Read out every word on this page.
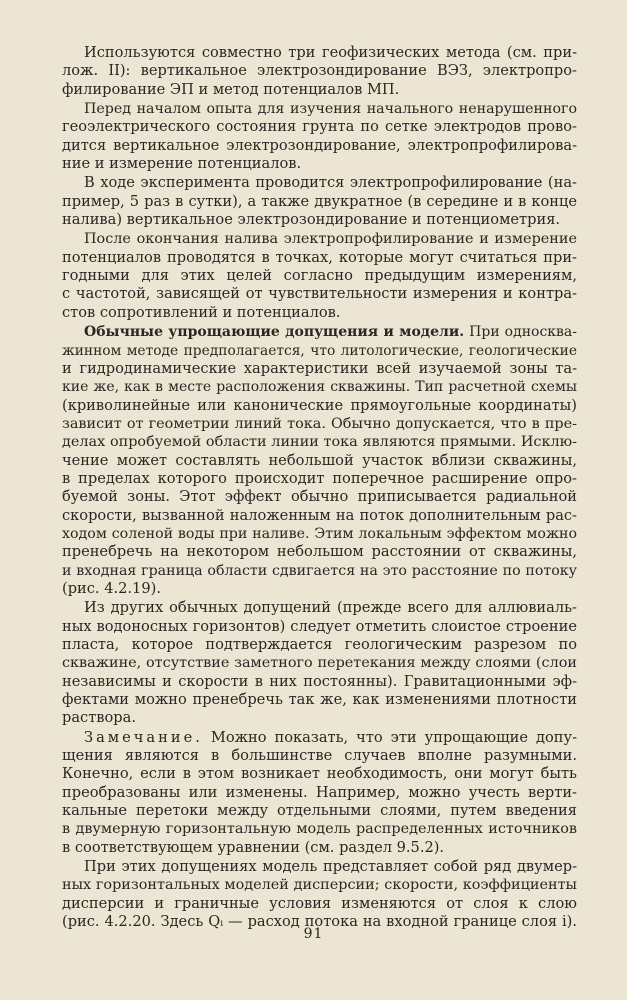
Используются совместно три геофизических метода (см. при-
лож. II): вертикальное электрозондирование ВЭЗ, электропро-
филирование ЭП и метод потенциалов МП.

Перед началом опыта для изучения начального ненарушенного
геоэлектрического состояния грунта по сетке электродов прово-
дится вертикальное электрозондирование, электропрофилирова-
ние и измерение потенциалов.

В ходе эксперимента проводится электропрофилирование (на-
пример, 5 раз в сутки), а также двукратное (в середине и в конце
налива) вертикальное электрозондирование и потенциометрия.

После окончания налива электропрофилирование и измерение
потенциалов проводятся в точках, которые могут считаться при-
годными для этих целей согласно предыдущим измерениям,
с частотой, зависящей от чувствительности измерения и контра-
стов сопротивлений и потенциалов.

Обычные упрощающие допущения и модели. При односква-
жинном методе предполагается, что литологические, геологические
и гидродинамические характеристики всей изучаемой зоны та-
кие же, как в месте расположения скважины. Тип расчетной схемы
(криволинейные или канонические прямоугольные координаты)
зависит от геометрии линий тока. Обычно допускается, что в пре-
делах опробуемой области линии тока являются прямыми. Исклю-
чение может составлять небольшой участок вблизи скважины,
в пределах которого происходит поперечное расширение опро-
буемой зоны. Этот эффект обычно приписывается радиальной
скорости, вызванной наложенным на поток дополнительным рас-
ходом соленой воды при наливе. Этим локальным эффектом можно
пренебречь на некотором небольшом расстоянии от скважины,
и входная граница области сдвигается на это расстояние по потоку
(рис. 4.2.19).

Из других обычных допущений (прежде всего для аллювиаль-
ных водоносных горизонтов) следует отметить слоистое строение
пласта, которое подтверждается геологическим разрезом по
скважине, отсутствие заметного перетекания между слоями (слои
независимы и скорости в них постоянны). Гравитационными эф-
фектами можно пренебречь так же, как изменениями плотности
раствора.

Замечание. Можно показать, что эти упрощающие допу-
щения являются в большинстве случаев вполне разумными.
Конечно, если в этом возникает необходимость, они могут быть
преобразованы или изменены. Например, можно учесть верти-
кальные перетоки между отдельными слоями, путем введения
в двумерную горизонтальную модель распределенных источников
в соответствующем уравнении (см. раздел 9.5.2).

При этих допущениях модель представляет собой ряд двумер-
ных горизонтальных моделей дисперсии; скорости, коэффициенты
дисперсии и граничные условия изменяются от слоя к слою
(рис. 4.2.20. Здесь Qᵢ — расход потока на входной границе слоя i).

91
